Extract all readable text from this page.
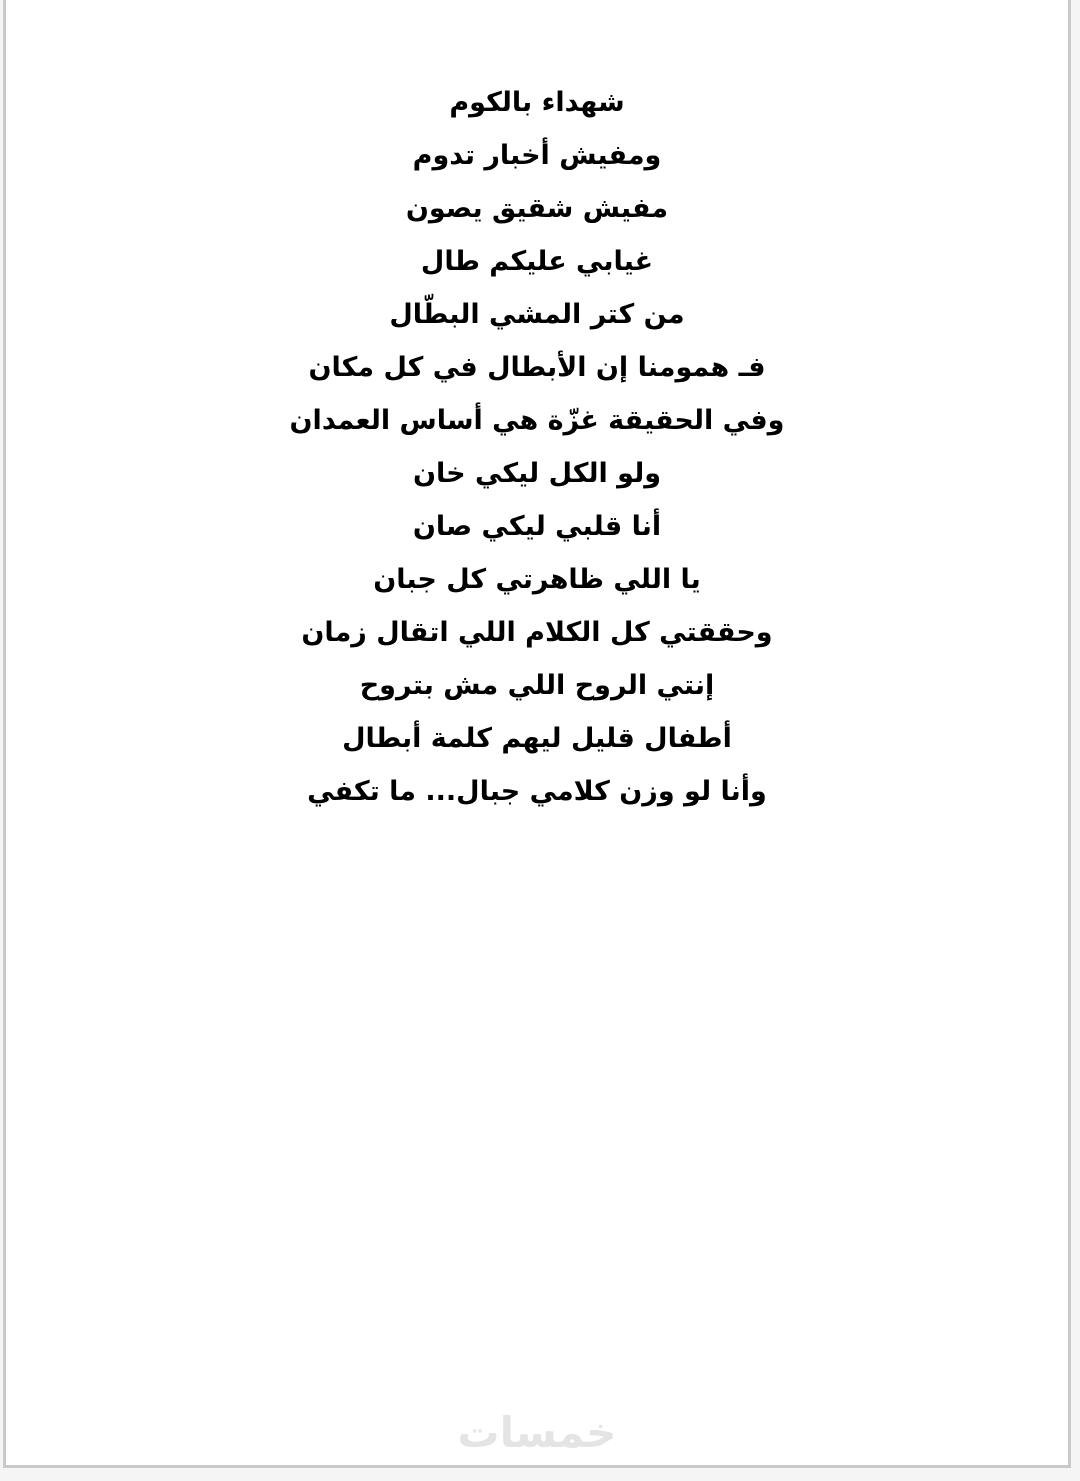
شهداء بالكوم

ومفيش أخبار تدوم

مفيش شقيق يصون

غيابي عليكم طال

من كتر المشي البطّال

فـ همومنا إن الأبطال في كل مكان

وفي الحقيقة غزّة هي أساس العمدان

ولو الكل ليكي خان

أنا قلبي ليكي صان

يا اللي ظاهرتي كل جبان

وحققتي كل الكلام اللي اتقال زمان

إنتي الروح اللي مش بتروح

أطفال قليل ليهم كلمة أبطال

وأنا لو وزن كلامي جبال... ما تكفي

خمسات
